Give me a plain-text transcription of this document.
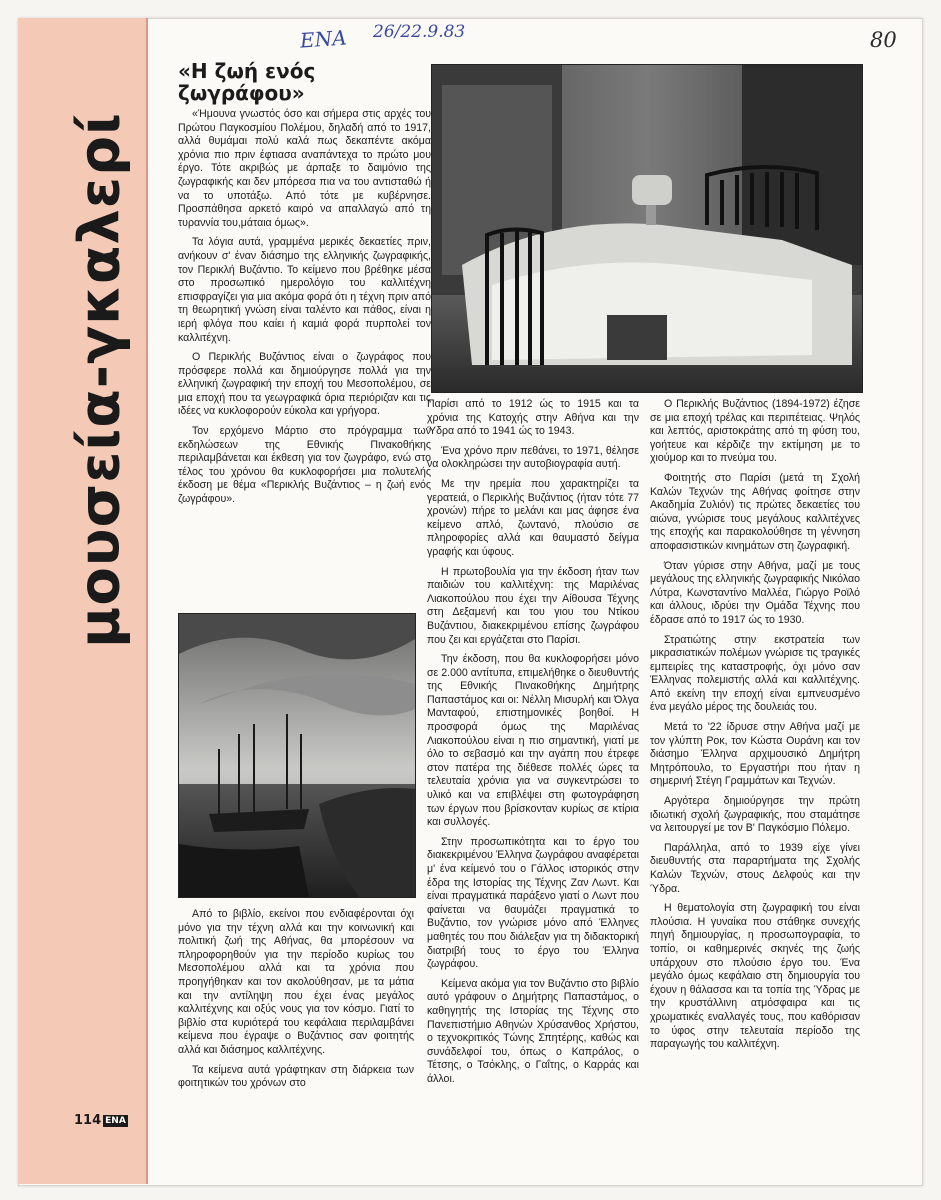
μουσεία-γκαλερί
ΕΝΑ 26/22.9.83	80
«Η ζωή ενός ζωγράφου»

«Ήμουνα γνωστός όσο και σήμερα στις αρχές του Πρώτου Παγκοσμίου Πολέμου, δηλαδή από το 1917, αλλά θυμάμαι πολύ καλά πως δεκαπέντε ακόμα χρόνια πιο πριν έφτιασα αναπάντεχα το πρώτο μου έργο. Τότε ακριβώς με άρπαξε το δαιμόνιο της ζωγραφικής και δεν μπόρεσα πια να του αντισταθώ ή να το υποτάξω. Από τότε με κυβέρνησε. Προσπάθησα αρκετό καιρό να απαλλαγώ από τη τυραννία του,μάταια όμως».

Τα λόγια αυτά, γραμμένα μερικές δεκαετίες πριν, ανήκουν σ' έναν διάσημο της ελληνικής ζωγραφικής, τον Περικλή Βυζάντιο. Το κείμενο που βρέθηκε μέσα στο προσωπικό ημερολόγιο του καλλιτέχνη επισφραγίζει για μια ακόμα φορά ότι η τέχνη πριν από τη θεωρητική γνώση είναι ταλέντο και πάθος, είναι η ιερή φλόγα που καίει ή καμιά φορά πυρπολεί τον καλλιτέχνη.

Ο Περικλής Βυζάντιος είναι ο ζωγράφος που πρόσφερε πολλά και δημιούργησε πολλά για την ελληνική ζωγραφική την εποχή του Μεσοπολέμου, σε μια εποχή που τα γεωγραφικά όρια περιόριζαν και τις ιδέες να κυκλοφορούν εύκολα και γρήγορα.

Τον ερχόμενο Μάρτιο στο πρόγραμμα των εκδηλώσεων της Εθνικής Πινακοθήκης περιλαμβάνεται και έκθεση για τον ζωγράφο, ενώ στο τέλος του χρόνου θα κυκλοφορήσει μια πολυτελής έκδοση με θέμα «Περικλής Βυζάντιος – η ζωή ενός ζωγράφου».

Από το βιβλίο, εκείνοι που ενδιαφέρονται όχι μόνο για την τέχνη αλλά και την κοινωνική και πολιτική ζωή της Αθήνας, θα μπορέσουν να πληροφορηθούν για την περίοδο κυρίως του Μεσοπολέμου αλλά και τα χρόνια που προηγήθηκαν και τον ακολούθησαν, με τα μάτια και την αντίληψη που έχει ένας μεγάλος καλλιτέχνης και οξύς νους για τον κόσμο. Γιατί το βιβλίο στα κυριότερά του κεφάλαια περιλαμβάνει κείμενα που έγραψε ο Βυζάντιος σαν φοιτητής αλλά και διάσημος καλλιτέχνης.

Τα κείμενα αυτά γράφτηκαν στη διάρκεια των φοιτητικών του χρόνων στο

Παρίσι από το 1912 ώς το 1915 και τα χρόνια της Κατοχής στην Αθήνα και την Ύδρα από το 1941 ώς το 1943.

Ένα χρόνο πριν πεθάνει, το 1971, θέλησε να ολοκληρώσει την αυτοβιογραφία αυτή.

Με την ηρεμία που χαρακτηρίζει τα γερατειά, ο Περικλής Βυζάντιος (ήταν τότε 77 χρονών) πήρε το μελάνι και μας άφησε ένα κείμενο απλό, ζωντανό, πλούσιο σε πληροφορίες αλλά και θαυμαστό δείγμα γραφής και ύφους.

Η πρωτοβουλία για την έκδοση ήταν των παιδιών του καλλιτέχνη: της Μαριλένας Λιακοπούλου που έχει την Αίθουσα Τέχνης στη Δεξαμενή και του γιου του Ντίκου Βυζάντιου, διακεκριμένου επίσης ζωγράφου που ζει και εργάζεται στο Παρίσι.

Την έκδοση, που θα κυκλοφορήσει μόνο σε 2.000 αντίτυπα, επιμελήθηκε ο διευθυντής της Εθνικής Πινακοθήκης Δημήτρης Παπαστάμος και οι: Νέλλη Μισυρλή και Όλγα Μανταφού, επιστημονικές βοηθοί. Η προσφορά όμως της Μαριλένας Λιακοπούλου είναι η πιο σημαντική, γιατί με όλο το σεβασμό και την αγάπη που έτρεφε στον πατέρα της διέθεσε πολλές ώρες τα τελευταία χρόνια για να συγκεντρώσει το υλικό και να επιβλέψει στη φωτογράφηση των έργων που βρίσκονταν κυρίως σε κτίρια και συλλογές.

Στην προσωπικότητα και το έργο του διακεκριμένου Έλληνα ζωγράφου αναφέρεται μ' ένα κείμενό του ο Γάλλος ιστορικός στην έδρα της Ιστορίας της Τέχνης Ζαν Λωντ. Και είναι πραγματικά παράξενο γιατί ο Λωντ που φαίνεται να θαυμάζει πραγματικά το Βυζάντιο, τον γνώρισε μόνο από Έλληνες μαθητές του που διάλεξαν για τη διδακτορική διατριβή τους το έργο του Έλληνα ζωγράφου.

Κείμενα ακόμα για τον Βυζάντιο στο βιβλίο αυτό γράφουν ο Δημήτρης Παπαστάμος, ο καθηγητής της Ιστορίας της Τέχνης στο Πανεπιστήμιο Αθηνών Χρύσανθος Χρήστου, ο τεχνοκριτικός Τώνης Σπητέρης, καθώς και συνάδελφοί του, όπως ο Καπράλος, ο Τέτσης, ο Τσόκλης, ο Γαΐτης, ο Καρράς και άλλοι.

Ο Περικλής Βυζάντιος (1894-1972) έζησε σε μια εποχή τρέλας και περιπέτειας. Ψηλός και λεπτός, αριστοκράτης από τη φύση του, γοήτευε και κέρδιζε την εκτίμηση με το χιούμορ και το πνεύμα του.

Φοιτητής στο Παρίσι (μετά τη Σχολή Καλών Τεχνών της Αθήνας φοίτησε στην Ακαδημία Ζυλιόν) τις πρώτες δεκαετίες του αιώνα, γνώρισε τους μεγάλους καλλιτέχνες της εποχής και παρακολούθησε τη γέννηση αποφασιστικών κινημάτων στη ζωγραφική.

Όταν γύρισε στην Αθήνα, μαζί με τους μεγάλους της ελληνικής ζωγραφικής Νικόλαο Λύτρα, Κωνσταντίνο Μαλλέα, Γιώργο Ροϊλό και άλλους, ιδρύει την Ομάδα Τέχνης που έδρασε από το 1917 ώς το 1930.

Στρατιώτης στην εκστρατεία των μικρασιατικών πολέμων γνώρισε τις τραγικές εμπειρίες της καταστροφής, όχι μόνο σαν Έλληνας πολεμιστής αλλά και καλλιτέχνης. Από εκείνη την εποχή είναι εμπνευσμένο ένα μεγάλο μέρος της δουλειάς του.

Μετά το '22 ίδρυσε στην Αθήνα μαζί με τον γλύπτη Ροκ, τον Κώστα Ουράνη και τον διάσημο Έλληνα αρχιμουσικό Δημήτρη Μητρόπουλο, το Εργαστήρι που ήταν η σημερινή Στέγη Γραμμάτων και Τεχνών.

Αργότερα δημιούργησε την πρώτη ιδιωτική σχολή ζωγραφικής, που σταμάτησε να λειτουργεί με τον Β' Παγκόσμιο Πόλεμο.

Παράλληλα, από το 1939 είχε γίνει διευθυντής στα παραρτήματα της Σχολής Καλών Τεχνών, στους Δελφούς και την Ύδρα.

Η θεματολογία στη ζωγραφική του είναι πλούσια. Η γυναίκα που στάθηκε συνεχής πηγή δημιουργίας, η προσωπογραφία, το τοπίο, οι καθημερινές σκηνές της ζωής υπάρχουν στο πλούσιο έργο του. Ένα μεγάλο όμως κεφάλαιο στη δημιουργία του έχουν η θάλασσα και τα τοπία της Ύδρας με την κρυστάλλινη ατμόσφαιρα και τις χρωματικές εναλλαγές τους, που καθόρισαν το ύφος στην τελευταία περίοδο της παραγωγής του καλλιτέχνη.

114 ΕΝΑ
